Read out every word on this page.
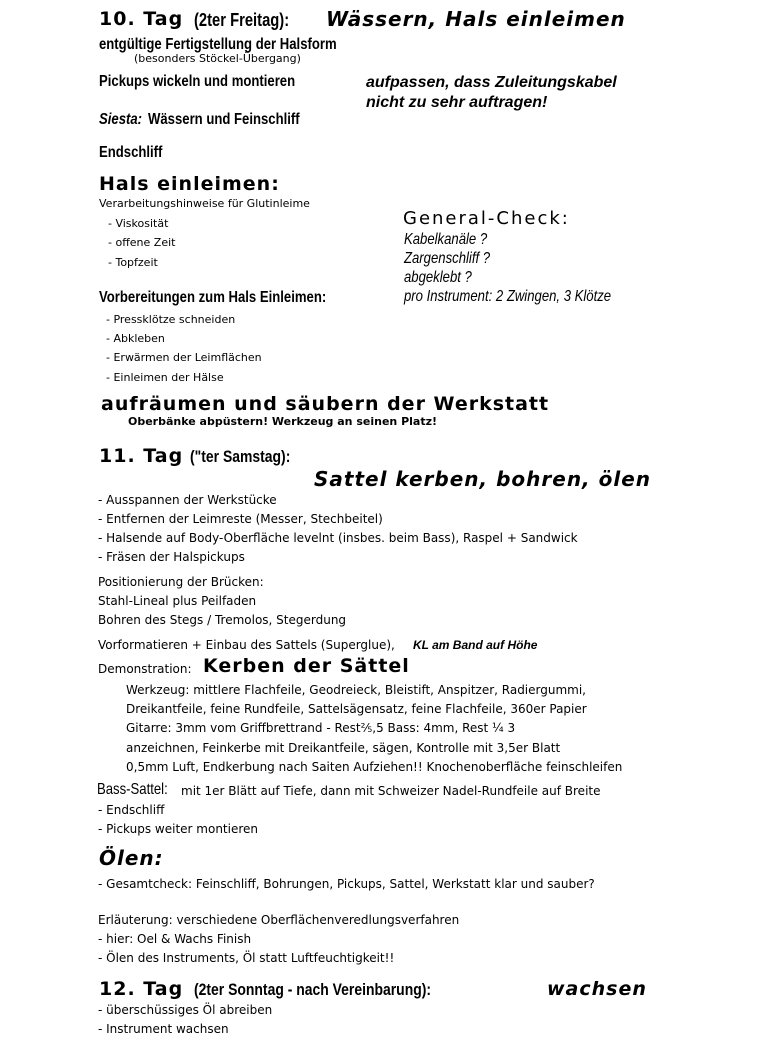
10. Tag (2ter Freitag): Wässern, Hals einleimen
entgültige Fertigstellung der Halsform
(besonders Stöckel-Übergang)
Pickups wickeln und montieren	aufpassen, dass Zuleitungskabel
nicht zu sehr auftragen!
Siesta: Wässern und Feinschliff
Endschliff
Hals einleimen:
Verarbeitungshinweise für Glutinleime
- Viskosität
- offene Zeit
- Topfzeit
Vorbereitungen zum Hals Einleimen:
- Pressklötze schneiden
- Abkleben
- Erwärmen der Leimflächen
- Einleimen der Hälse
General-Check:
Kabelkanäle ?
Zargenschliff ?
abgeklebt ?
pro Instrument: 2 Zwingen, 3 Klötze
aufräumen und säubern der Werkstatt
Oberbänke abpüstern! Werkzeug an seinen Platz!
11. Tag ("ter Samstag):
Sattel kerben, bohren, ölen
- Ausspannen der Werkstücke
- Entfernen der Leimreste (Messer, Stechbeitel)
- Halsende auf Body-Oberfläche levelnt (insbes. beim Bass), Raspel + Sandwick
- Fräsen der Halspickups
Positionierung der Brücken:
Stahl-Lineal plus Peilfaden
Bohren des Stegs / Tremolos, Stegerdung
Vorformatieren + Einbau des Sattels (Superglue), KL am Band auf Höhe
Demonstration: Kerben der Sättel
Werkzeug: mittlere Flachfeile, Geodreieck, Bleistift, Anspitzer, Radiergummi,
Dreikantfeile, feine Rundfeile, Sattelsägensatz, feine Flachfeile, 360er Papier
Gitarre: 3mm vom Griffbrettrand - Rest⅖,5 Bass: 4mm, Rest ¼ 3
anzeichnen, Feinkerbe mit Dreikantfeile, sägen, Kontrolle mit 3,5er Blatt
0,5mm Luft, Endkerbung nach Saiten Aufziehen!! Knochenoberfläche feinschleifen
Bass-Sattel: mit 1er Blätt auf Tiefe, dann mit Schweizer Nadel-Rundfeile auf Breite
- Endschliff
- Pickups weiter montieren
Ölen:
- Gesamtcheck: Feinschliff, Bohrungen, Pickups, Sattel, Werkstatt klar und sauber?
Erläuterung: verschiedene Oberflächenveredlungsverfahren
- hier: Oel & Wachs Finish
- Ölen des Instruments, Öl statt Luftfeuchtigkeit!!
12. Tag (2ter Sonntag - nach Vereinbarung):	wachsen
- überschüssiges Öl abreiben
- Instrument wachsen
